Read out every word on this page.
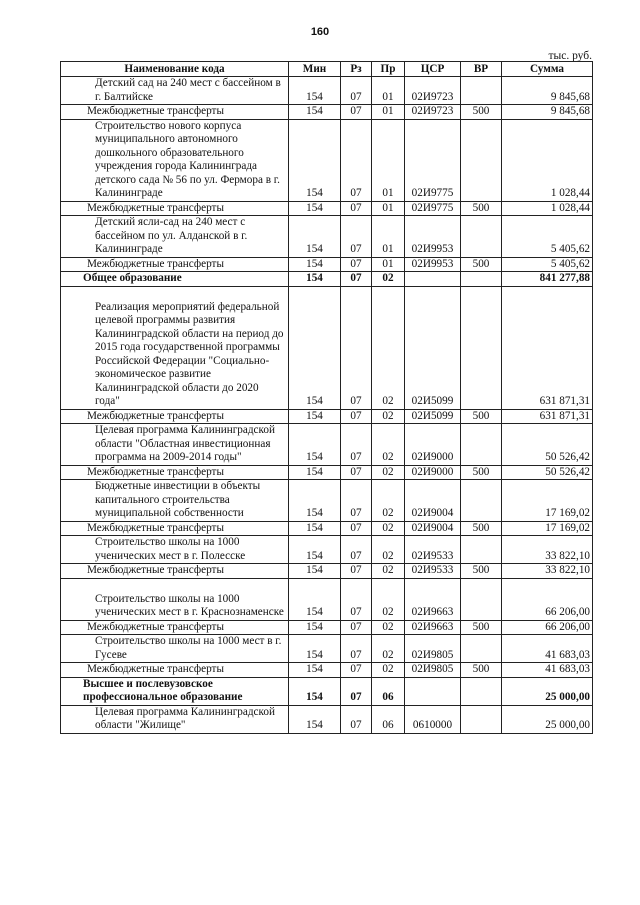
160
тыс. руб.
Наименование кода	Мин	Рз	Пр	ЦСР	ВР	Сумма
Детский сад на 240 мест с бассейном в г. Балтийске	154	07	01	02И9723		9 845,68
Межбюджетные трансферты	154	07	01	02И9723	500	9 845,68
Строительство нового корпуса муниципального автономного дошкольного образовательного учреждения города Калининграда детского сада № 56 по ул. Фермора в г. Калининграде	154	07	01	02И9775		1 028,44
Межбюджетные трансферты	154	07	01	02И9775	500	1 028,44
Детский ясли-сад на 240 мест с бассейном по ул. Алданской в г. Калининграде	154	07	01	02И9953		5 405,62
Межбюджетные трансферты	154	07	01	02И9953	500	5 405,62
Общее образование	154	07	02			841 277,88
Реализация мероприятий федеральной целевой программы развития Калининградской области на период до 2015 года государственной программы Российской Федерации "Социально-экономическое развитие Калининградской области до 2020 года"	154	07	02	02И5099		631 871,31
Межбюджетные трансферты	154	07	02	02И5099	500	631 871,31
Целевая программа Калининградской области "Областная инвестиционная программа на 2009-2014 годы"	154	07	02	02И9000		50 526,42
Межбюджетные трансферты	154	07	02	02И9000	500	50 526,42
Бюджетные инвестиции в объекты капитального строительства муниципальной собственности	154	07	02	02И9004		17 169,02
Межбюджетные трансферты	154	07	02	02И9004	500	17 169,02
Строительство школы на 1000 ученических мест в г. Полесске	154	07	02	02И9533		33 822,10
Межбюджетные трансферты	154	07	02	02И9533	500	33 822,10
Строительство школы на 1000 ученических мест в г. Краснознаменске	154	07	02	02И9663		66 206,00
Межбюджетные трансферты	154	07	02	02И9663	500	66 206,00
Строительство школы на 1000 мест в г. Гусеве	154	07	02	02И9805		41 683,03
Межбюджетные трансферты	154	07	02	02И9805	500	41 683,03
Высшее и послевузовское профессиональное образование	154	07	06			25 000,00
Целевая программа Калининградской области "Жилище"	154	07	06	0610000		25 000,00
